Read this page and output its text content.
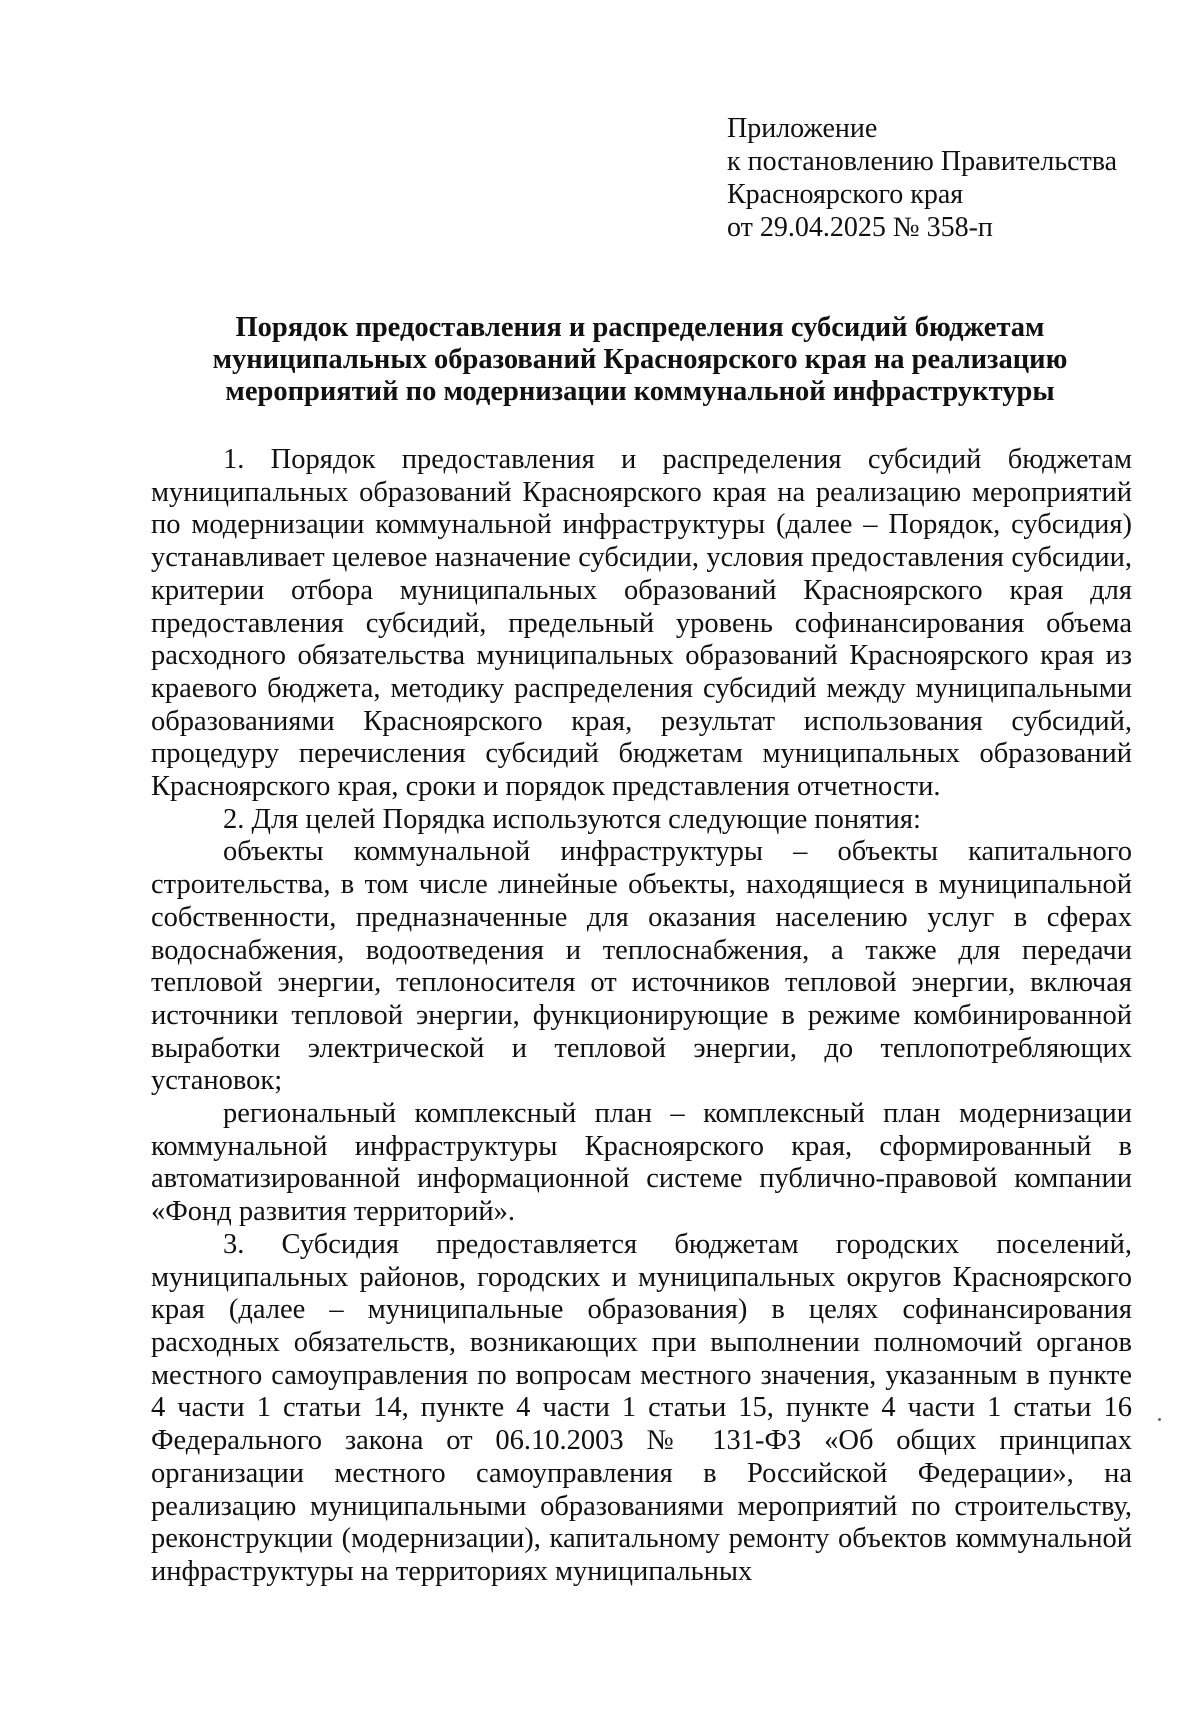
Приложение
к постановлению Правительства
Красноярского края
от 29.04.2025 № 358-п
Порядок предоставления и распределения субсидий бюджетам
муниципальных образований Красноярского края на реализацию
мероприятий по модернизации коммунальной инфраструктуры

1. Порядок предоставления и распределения субсидий бюджетам муниципальных образований Красноярского края на реализацию мероприятий по модернизации коммунальной инфраструктуры (далее – Порядок, субсидия) устанавливает целевое назначение субсидии, условия предоставления субсидии, критерии отбора муниципальных образований Красноярского края для предоставления субсидий, предельный уровень софинансирования объема расходного обязательства муниципальных образований Красноярского края из краевого бюджета, методику распределения субсидий между муниципальными образованиями Красноярского края, результат использования субсидий, процедуру перечисления субсидий бюджетам муниципальных образований Красноярского края, сроки и порядок представления отчетности.

2. Для целей Порядка используются следующие понятия:

объекты коммунальной инфраструктуры – объекты капитального строительства, в том числе линейные объекты, находящиеся в муниципальной собственности, предназначенные для оказания населению услуг в сферах водоснабжения, водоотведения и теплоснабжения, а также для передачи тепловой энергии, теплоносителя от источников тепловой энергии, включая источники тепловой энергии, функционирующие в режиме комбинированной выработки электрической и тепловой энергии, до теплопотребляющих установок;

региональный комплексный план – комплексный план модернизации коммунальной инфраструктуры Красноярского края, сформированный в автоматизированной информационной системе публично-правовой компании «Фонд развития территорий».

3. Субсидия предоставляется бюджетам городских поселений, муниципальных районов, городских и муниципальных округов Красноярского края (далее – муниципальные образования) в целях софинансирования расходных обязательств, возникающих при выполнении полномочий органов местного самоуправления по вопросам местного значения, указанным в пункте 4 части 1 статьи 14, пункте 4 части 1 статьи 15, пункте 4 части 1 статьи 16 Федерального закона от 06.10.2003 № 131-ФЗ «Об общих принципах организации местного самоуправления в Российской Федерации», на реализацию муниципальными образованиями мероприятий по строительству, реконструкции (модернизации), капитальному ремонту объектов коммунальной инфраструктуры на территориях муниципальных
